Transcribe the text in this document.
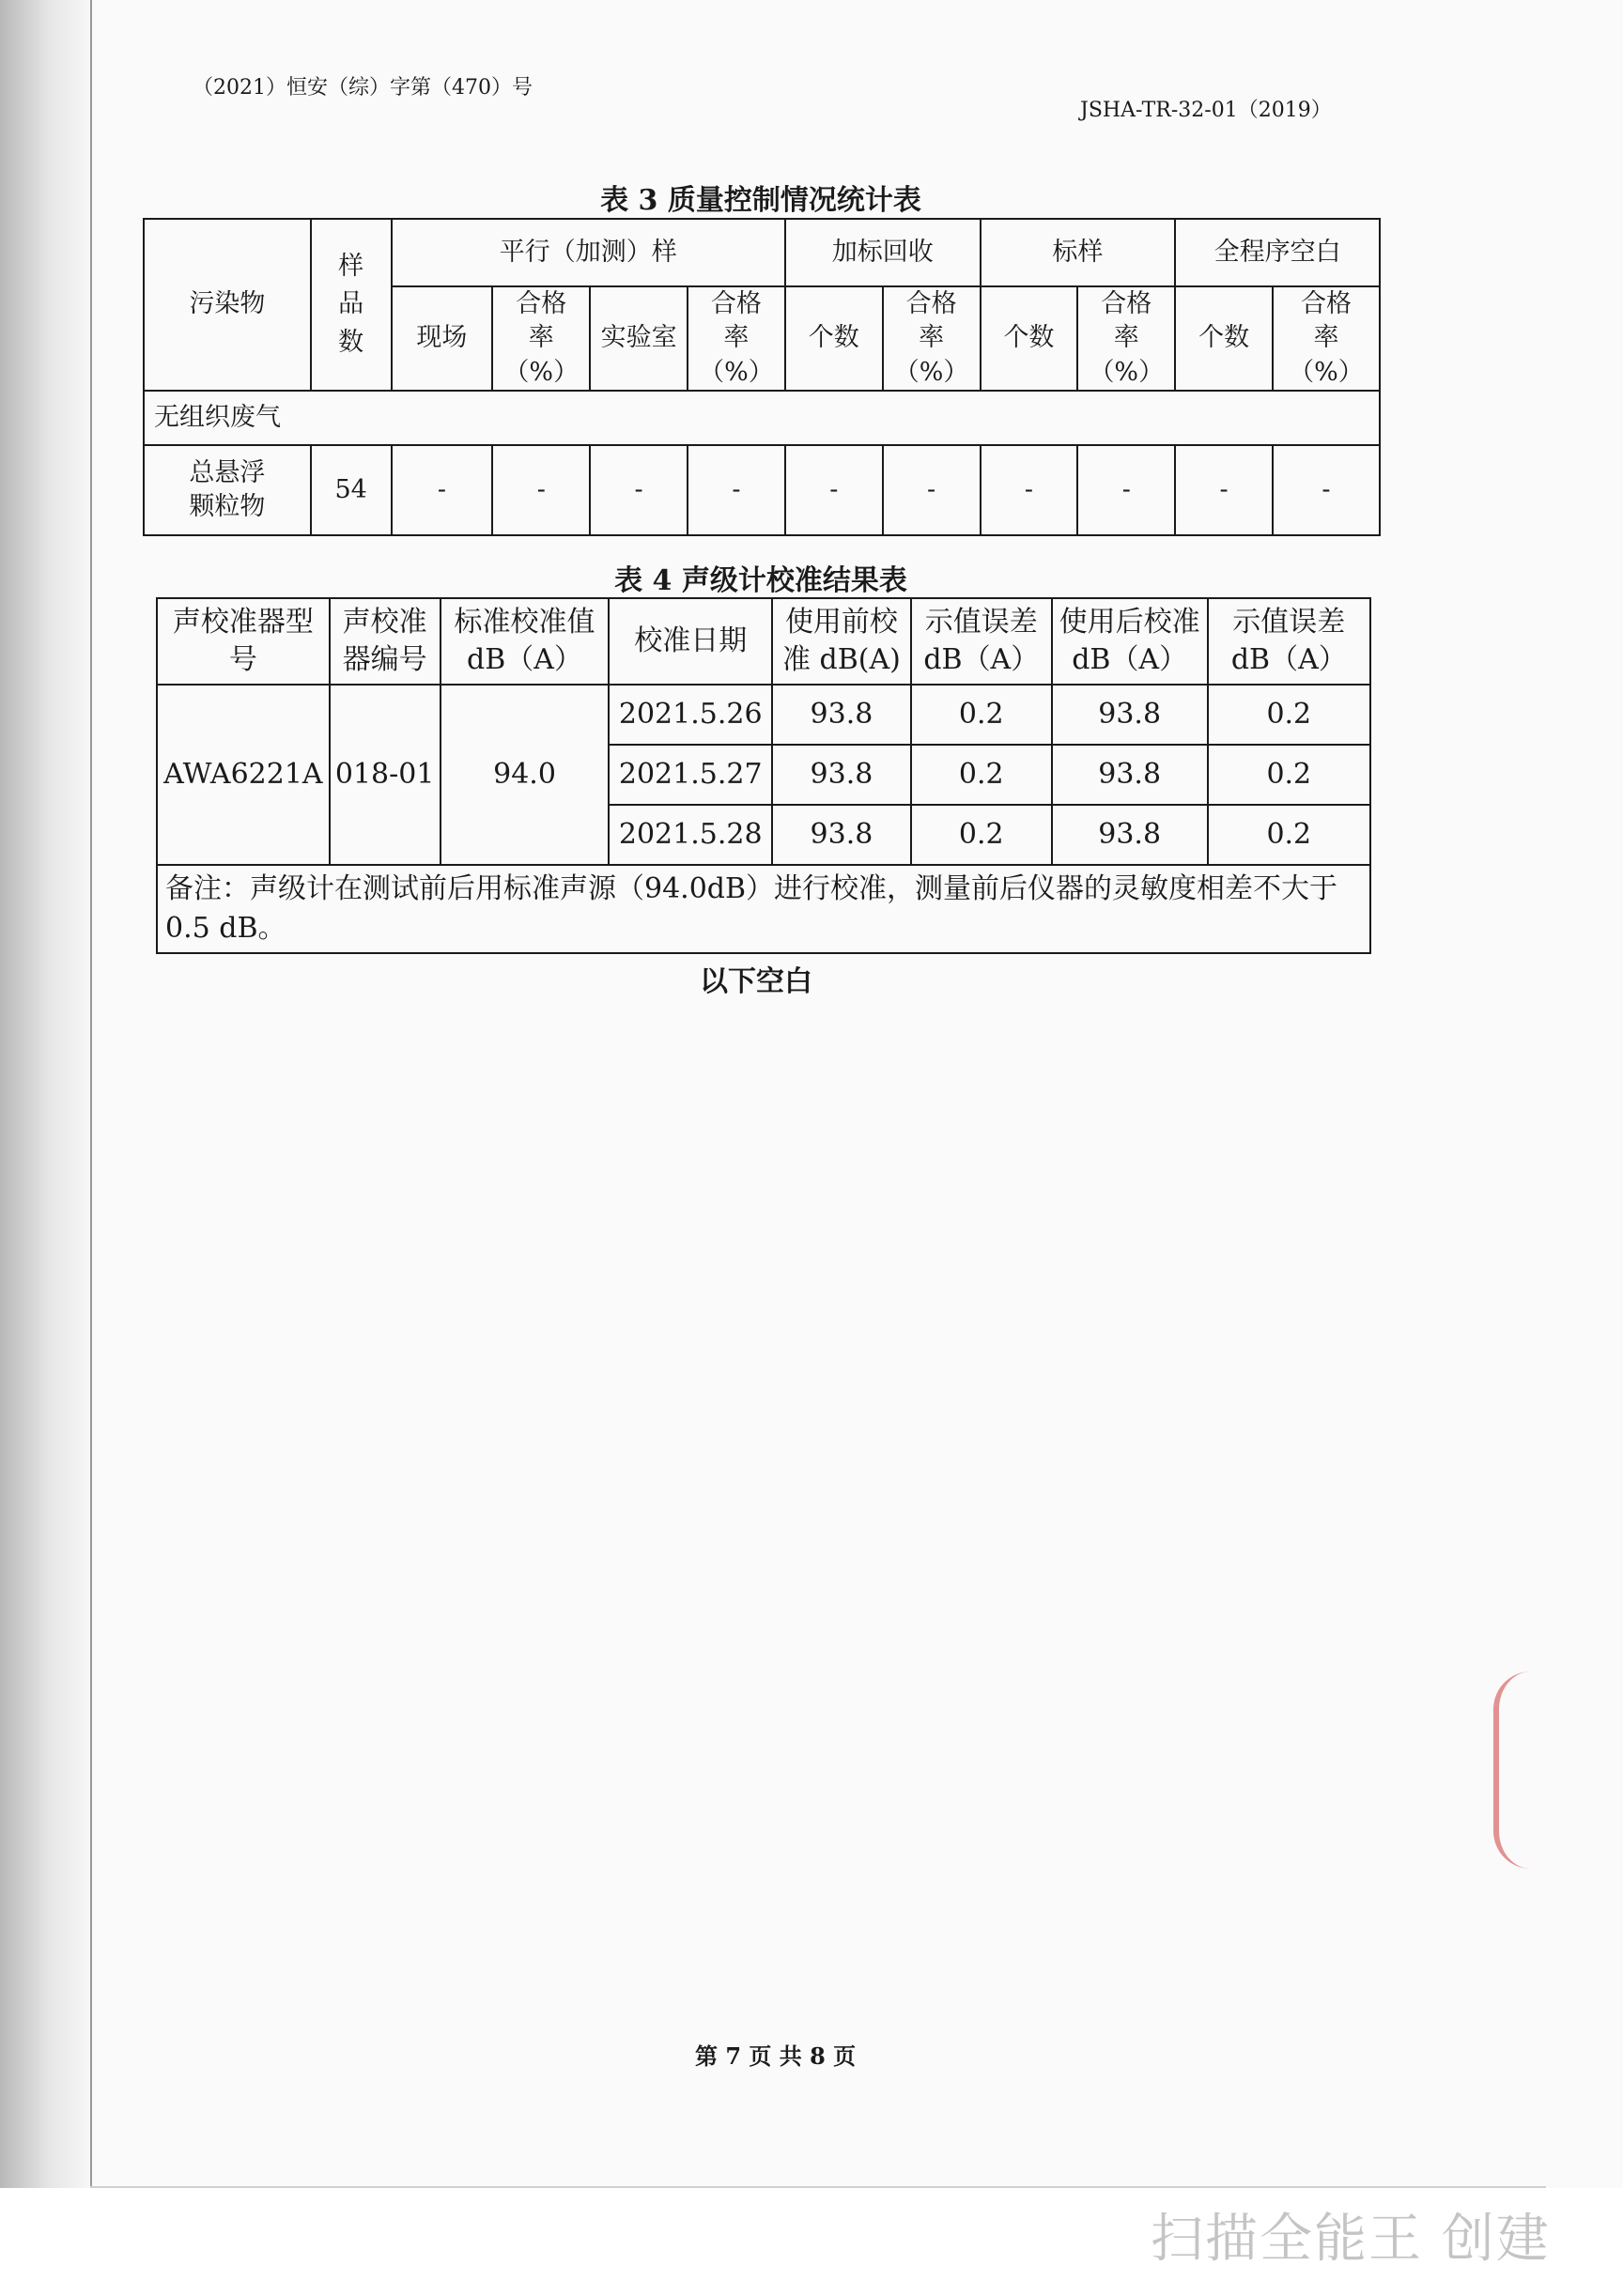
（2021）恒安（综）字第（470）号
JSHA-TR-32-01（2019）
表 3 质量控制情况统计表
污染物	样品数	平行（加测）样				加标回收		标样		全程序空白	
		现场	合格率（%）	实验室	合格率（%）	个数	合格率（%）	个数	合格率（%）	个数	合格率（%）
无组织废气											
总悬浮颗粒物	54	-	-	-	-	-	-	-	-	-	-
表 4 声级计校准结果表
声校准器型号	声校准器编号	标准校准值 dB（A）	校准日期	使用前校准 dB(A)	示值误差 dB（A）	使用后校准 dB（A）	示值误差 dB（A）
AWA6221A	018-01	94.0	2021.5.26	93.8	0.2	93.8	0.2
			2021.5.27	93.8	0.2	93.8	0.2
			2021.5.28	93.8	0.2	93.8	0.2
备注：声级计在测试前后用标准声源（94.0dB）进行校准，测量前后仪器的灵敏度相差不大于 0.5 dB。							
以下空白
第 7 页 共 8 页
扫描全能王 创建
